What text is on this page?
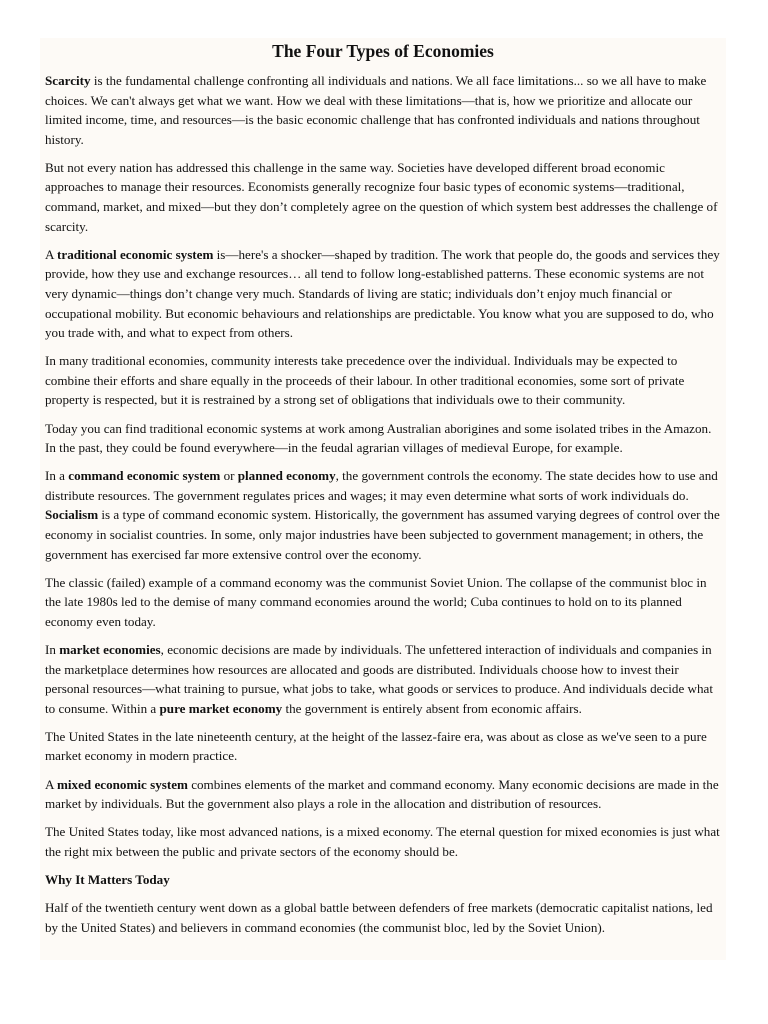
The Four Types of Economies

Scarcity is the fundamental challenge confronting all individuals and nations. We all face limitations... so we all have to make choices. We can't always get what we want. How we deal with these limitations—that is, how we prioritize and allocate our limited income, time, and resources—is the basic economic challenge that has confronted individuals and nations throughout history.

But not every nation has addressed this challenge in the same way. Societies have developed different broad economic approaches to manage their resources. Economists generally recognize four basic types of economic systems—traditional, command, market, and mixed—but they don’t completely agree on the question of which system best addresses the challenge of scarcity.

A traditional economic system is—here's a shocker—shaped by tradition. The work that people do, the goods and services they provide, how they use and exchange resources… all tend to follow long-established patterns. These economic systems are not very dynamic—things don’t change very much. Standards of living are static; individuals don’t enjoy much financial or occupational mobility. But economic behaviours and relationships are predictable. You know what you are supposed to do, who you trade with, and what to expect from others.

In many traditional economies, community interests take precedence over the individual. Individuals may be expected to combine their efforts and share equally in the proceeds of their labour. In other traditional economies, some sort of private property is respected, but it is restrained by a strong set of obligations that individuals owe to their community.

Today you can find traditional economic systems at work among Australian aborigines and some isolated tribes in the Amazon. In the past, they could be found everywhere—in the feudal agrarian villages of medieval Europe, for example.

In a command economic system or planned economy, the government controls the economy. The state decides how to use and distribute resources. The government regulates prices and wages; it may even determine what sorts of work individuals do. Socialism is a type of command economic system. Historically, the government has assumed varying degrees of control over the economy in socialist countries. In some, only major industries have been subjected to government management; in others, the government has exercised far more extensive control over the economy.

The classic (failed) example of a command economy was the communist Soviet Union. The collapse of the communist bloc in the late 1980s led to the demise of many command economies around the world; Cuba continues to hold on to its planned economy even today.

In market economies, economic decisions are made by individuals. The unfettered interaction of individuals and companies in the marketplace determines how resources are allocated and goods are distributed. Individuals choose how to invest their personal resources—what training to pursue, what jobs to take, what goods or services to produce. And individuals decide what to consume. Within a pure market economy the government is entirely absent from economic affairs.

The United States in the late nineteenth century, at the height of the lassez-faire era, was about as close as we've seen to a pure market economy in modern practice.

A mixed economic system combines elements of the market and command economy. Many economic decisions are made in the market by individuals. But the government also plays a role in the allocation and distribution of resources.

The United States today, like most advanced nations, is a mixed economy. The eternal question for mixed economies is just what the right mix between the public and private sectors of the economy should be.

Why It Matters Today

Half of the twentieth century went down as a global battle between defenders of free markets (democratic capitalist nations, led by the United States) and believers in command economies (the communist bloc, led by the Soviet Union).
